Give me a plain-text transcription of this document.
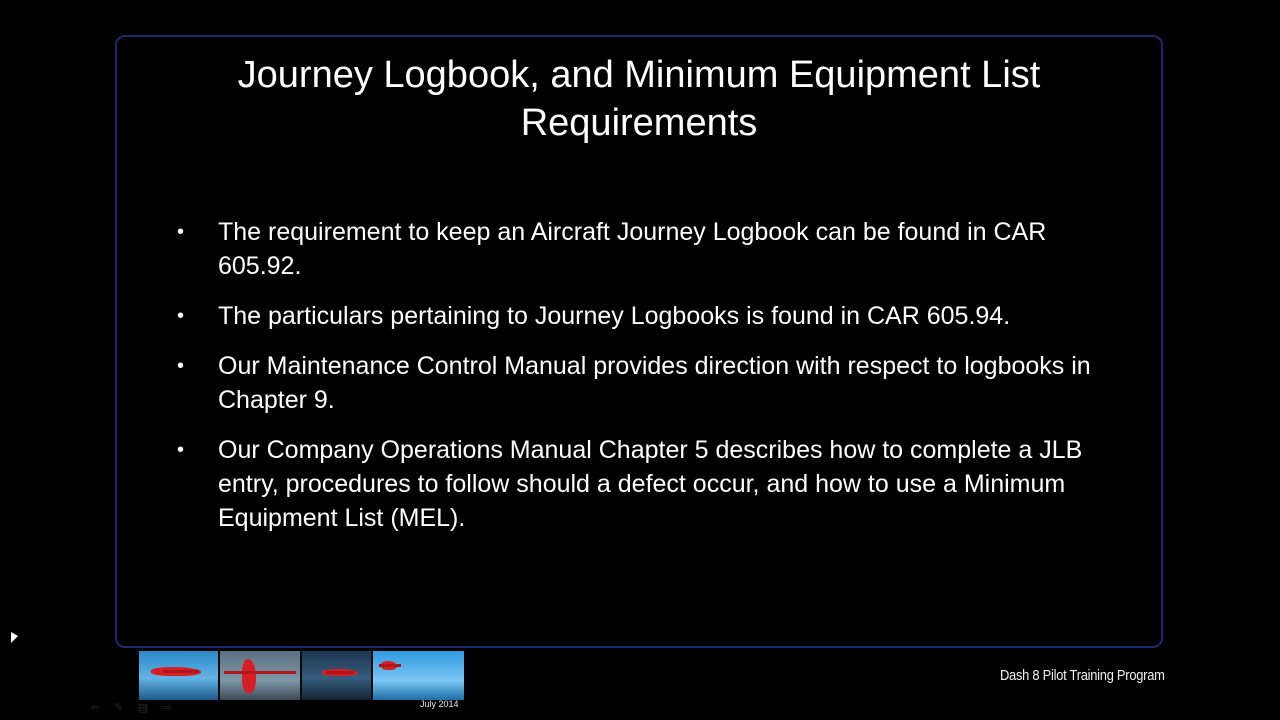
Journey Logbook, and Minimum Equipment List
Requirements
•	The requirement to keep an Aircraft Journey Logbook can be found in CAR 605.92.
•	The particulars pertaining to Journey Logbooks is found in CAR 605.94.
•	Our Maintenance Control Manual provides direction with respect to logbooks in Chapter 9.
•	Our Company Operations Manual Chapter 5 describes how to complete a JLB entry, procedures to follow should a defect occur, and how to use a Minimum Equipment List (MEL).
July 2014
Dash 8 Pilot Training Program
⇦ ✎ ▤ ⇨
